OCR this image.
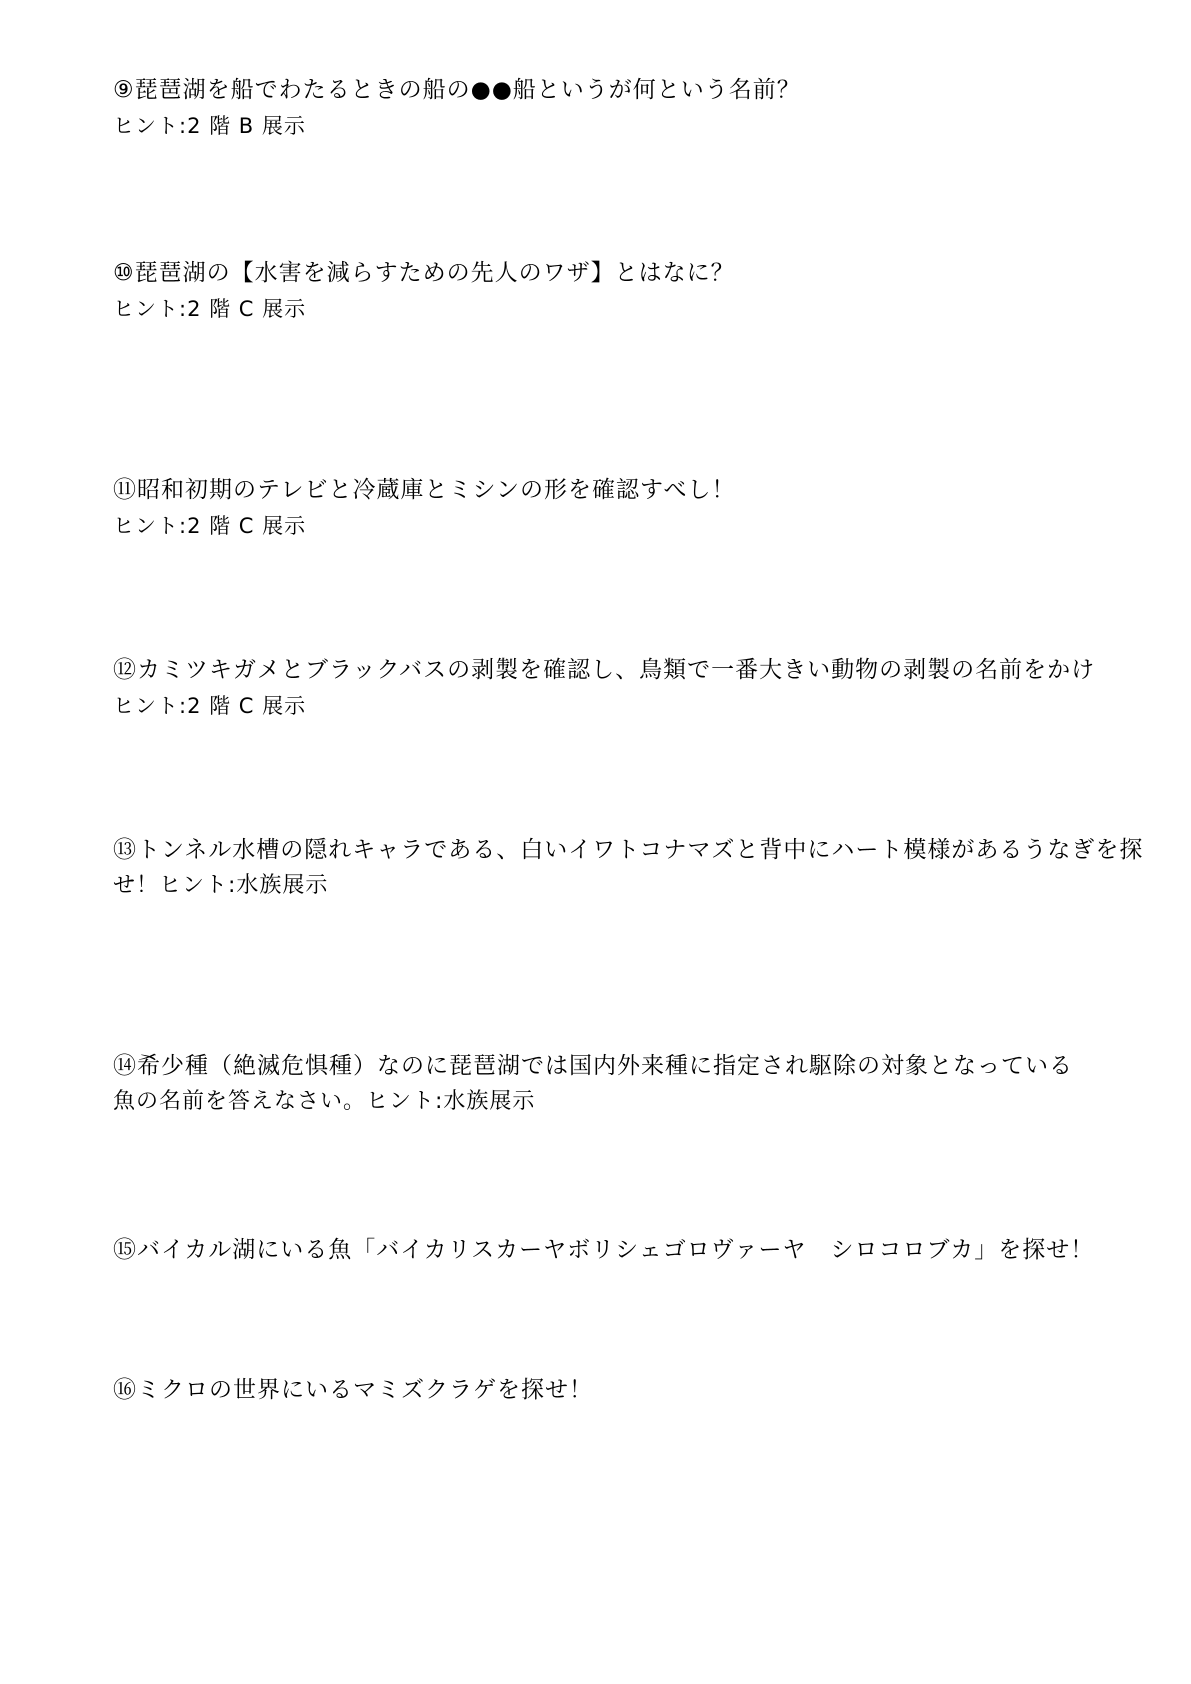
⑨琵琶湖を船でわたるときの船の●●船というが何という名前？
ヒント:2 階 B 展示
⑩琵琶湖の【水害を減らすための先人のワザ】とはなに？
ヒント:2 階 C 展示
⑪昭和初期のテレビと冷蔵庫とミシンの形を確認すべし！
ヒント:2 階 C 展示
⑫カミツキガメとブラックバスの剥製を確認し、鳥類で一番大きい動物の剥製の名前をかけ
ヒント:2 階 C 展示
⑬トンネル水槽の隠れキャラである、白いイワトコナマズと背中にハート模様があるうなぎを探
せ！ヒント:水族展示
⑭希少種（絶滅危惧種）なのに琵琶湖では国内外来種に指定され駆除の対象となっている
魚の名前を答えなさい。ヒント:水族展示
⑮バイカル湖にいる魚「バイカリスカーヤボリシェゴロヴァーヤ　シロコロブカ」を探せ！
⑯ミクロの世界にいるマミズクラゲを探せ！
